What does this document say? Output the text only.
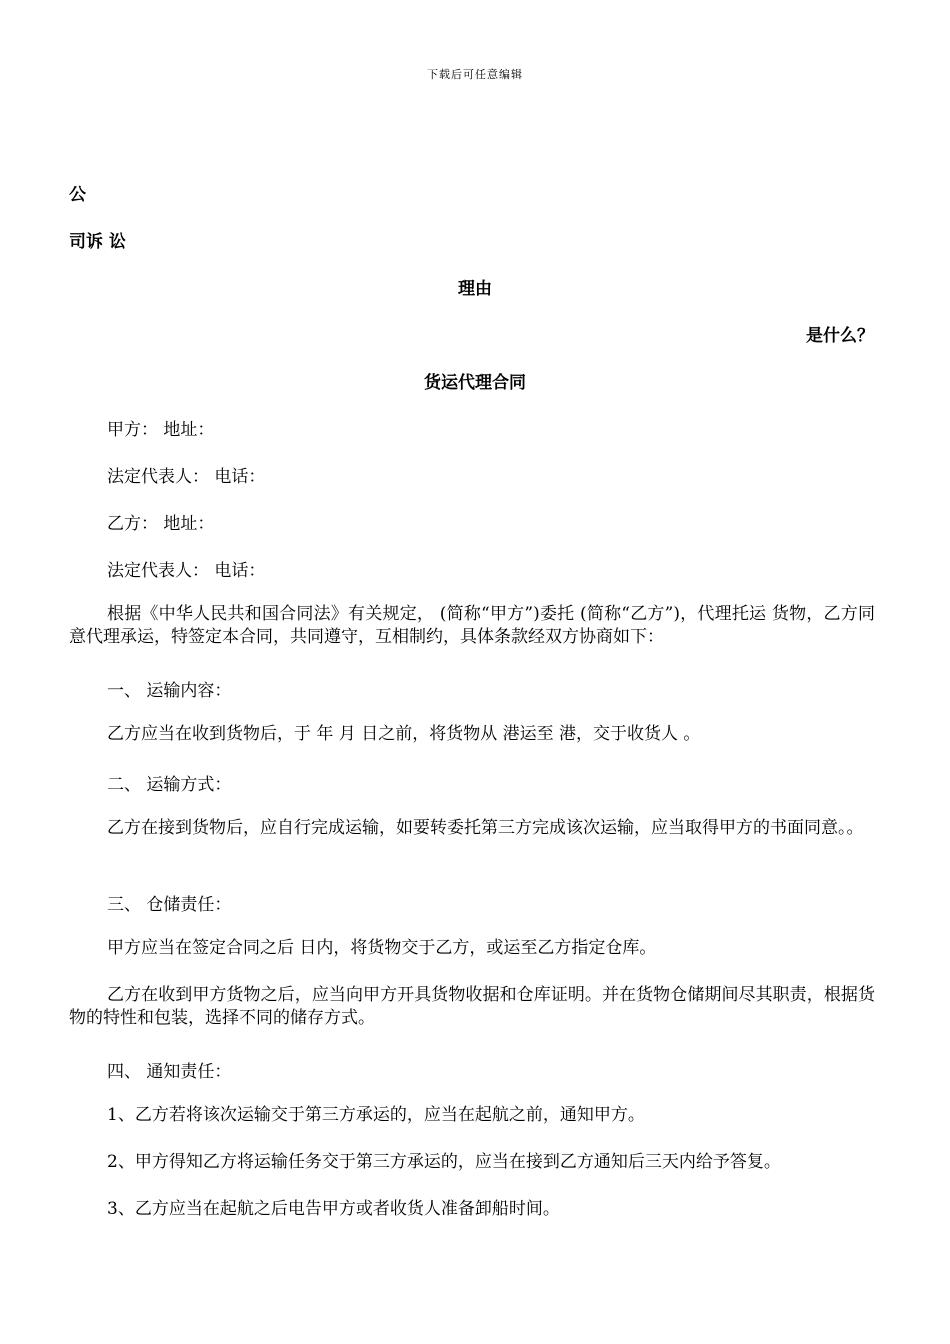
下载后可任意编辑
公
司诉 讼
理由
是什么？
货运代理合同
甲方： 地址：
法定代表人： 电话：
乙方： 地址：
法定代表人： 电话：
根据《中华人民共和国合同法》有关规定， (简称“甲方”)委托 (简称“乙方”)，代理托运 货物，乙方同意代理承运，特签定本合同，共同遵守，互相制约，具体条款经双方协商如下：
一、 运输内容：
乙方应当在收到货物后，于 年 月 日之前，将货物从 港运至 港，交于收货人 。
二、 运输方式：
乙方在接到货物后，应自行完成运输，如要转委托第三方完成该次运输，应当取得甲方的书面同意。。
三、 仓储责任：
甲方应当在签定合同之后 日内，将货物交于乙方，或运至乙方指定仓库。
乙方在收到甲方货物之后，应当向甲方开具货物收据和仓库证明。并在货物仓储期间尽其职责，根据货物的特性和包装，选择不同的储存方式。
四、 通知责任：
1、乙方若将该次运输交于第三方承运的，应当在起航之前，通知甲方。
2、甲方得知乙方将运输任务交于第三方承运的，应当在接到乙方通知后三天内给予答复。
3、乙方应当在起航之后电告甲方或者收货人准备卸船时间。
